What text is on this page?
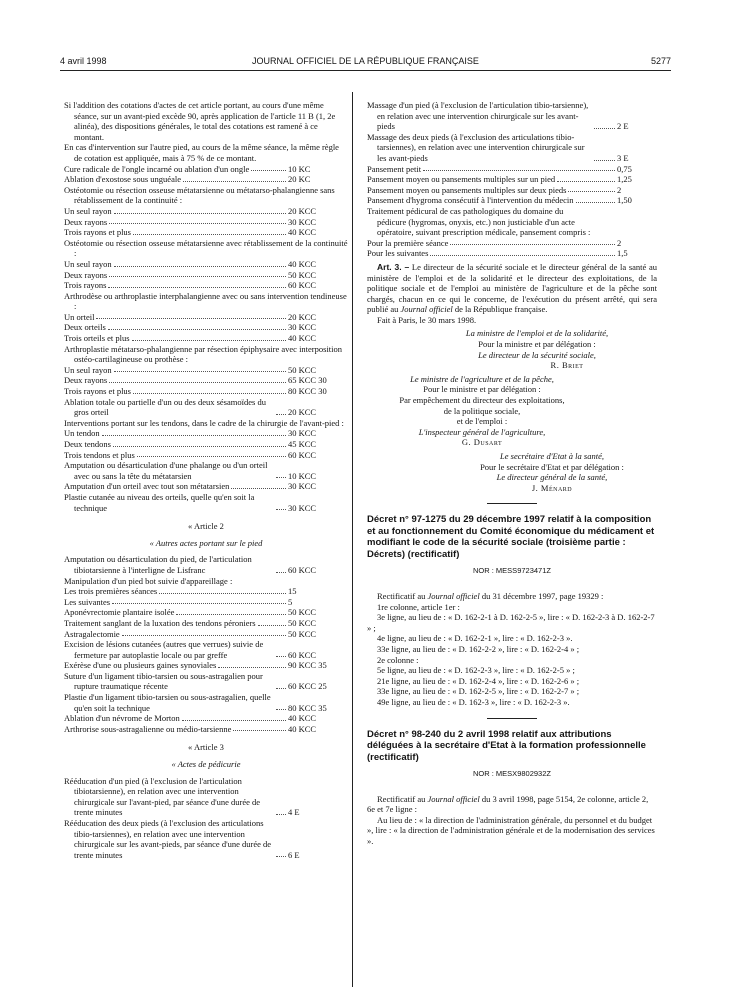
4 avril 1998	JOURNAL OFFICIEL DE LA RÉPUBLIQUE FRANÇAISE	5277
Si l'addition des cotations d'actes de cet article portant, au cours d'une même séance, sur un avant-pied excède 90, après application de l'article 11 B (1, 2e alinéa), des dispositions générales, le total des cotations est ramené à ce montant.
En cas d'intervention sur l'autre pied, au cours de la même séance, la même règle de cotation est appliquée, mais à 75 % de ce montant.
Cure radicale de l'ongle incarné ou ablation d'un ongle	10 KC
Ablation d'exostose sous unguéale	20 KC
Ostéotomie ou résection osseuse métatarsienne ou métatarso-phalangienne sans rétablissement de la continuité :
Un seul rayon	20 KCC
Deux rayons	30 KCC
Trois rayons et plus	40 KCC
Ostéotomie ou résection osseuse métatarsienne avec rétablissement de la continuité :
Un seul rayon	40 KCC
Deux rayons	50 KCC
Trois rayons	60 KCC
Arthrodèse ou arthroplastie interphalangienne avec ou sans intervention tendineuse :
Un orteil	20 KCC
Deux orteils	30 KCC
Trois orteils et plus	40 KCC
Arthroplastie métatarso-phalangienne par résection épiphysaire avec interposition ostéo-cartilagineuse ou prothèse :
Un seul rayon	50 KCC
Deux rayons	65 KCC 30
Trois rayons et plus	80 KCC 30
Ablation totale ou partielle d'un ou des deux sésamoïdes du gros orteil	20 KCC
Interventions portant sur les tendons, dans le cadre de la chirurgie de l'avant-pied :
Un tendon	30 KCC
Deux tendons	45 KCC
Trois tendons et plus	60 KCC
Amputation ou désarticulation d'une phalange ou d'un orteil avec ou sans la tête du métatarsien	10 KCC
Amputation d'un orteil avec tout son métatarsien	30 KCC
Plastie cutanée au niveau des orteils, quelle qu'en soit la technique	30 KCC
« Article 2
« Autres actes portant sur le pied
Amputation ou désarticulation du pied, de l'articulation tibiotarsienne à l'interligne de Lisfranc	60 KCC
Manipulation d'un pied bot suivie d'appareillage :
Les trois premières séances	15
Les suivantes	5
Aponévrectomie plantaire isolée	50 KCC
Traitement sanglant de la luxation des tendons péroniers	50 KCC
Astragalectomie	50 KCC
Excision de lésions cutanées (autres que verrues) suivie de fermeture par autoplastie locale ou par greffe	60 KCC
Exérèse d'une ou plusieurs gaines synoviales	90 KCC 35
Suture d'un ligament tibio-tarsien ou sous-astragalien pour rupture traumatique récente	60 KCC 25
Plastie d'un ligament tibio-tarsien ou sous-astragalien, quelle qu'en soit la technique	80 KCC 35
Ablation d'un névrome de Morton	40 KCC
Arthrorise sous-astragalienne ou médio-tarsienne	40 KCC
« Article 3
« Actes de pédicurie
Rééducation d'un pied (à l'exclusion de l'articulation tibiotarsienne), en relation avec une intervention chirurgicale sur l'avant-pied, par séance d'une durée de trente minutes	4 E
Rééducation des deux pieds (à l'exclusion des articulations tibio-tarsiennes), en relation avec une intervention chirurgicale sur les avant-pieds, par séance d'une durée de trente minutes	6 E
Massage d'un pied (à l'exclusion de l'articulation tibio-tarsienne), en relation avec une intervention chirurgicale sur les avant-pieds	2 E
Massage des deux pieds (à l'exclusion des articulations tibio-tarsiennes), en relation avec une intervention chirurgicale sur les avant-pieds	3 E
Pansement petit	0,75
Pansement moyen ou pansements multiples sur un pied	1,25
Pansement moyen ou pansements multiples sur deux pieds	2
Pansement d'hygroma consécutif à l'intervention du médecin	1,50
Traitement pédicural de cas pathologiques du domaine du pédicure (hygromas, onyxis, etc.) non justiciable d'un acte opératoire, suivant prescription médicale, pansement compris :
Pour la première séance	2
Pour les suivantes	1,5
Art. 3. – Le directeur de la sécurité sociale et le directeur général de la santé au ministère de l'emploi et de la solidarité et le directeur des exploitations, de la politique sociale et de l'emploi au ministère de l'agriculture et de la pêche sont chargés, chacun en ce qui le concerne, de l'exécution du présent arrêté, qui sera publié au Journal officiel de la République française.
Fait à Paris, le 30 mars 1998.
La ministre de l'emploi et de la solidarité,
Pour la ministre et par délégation :
Le directeur de la sécurité sociale,
R. Briet
Le ministre de l'agriculture et de la pêche,
Pour le ministre et par délégation :
Par empêchement du directeur des exploitations,
de la politique sociale,
et de l'emploi :
L'inspecteur général de l'agriculture,
G. Dusart
Le secrétaire d'Etat à la santé,
Pour le secrétaire d'Etat et par délégation :
Le directeur général de la santé,
J. Ménard
Décret n° 97-1275 du 29 décembre 1997 relatif à la composition et au fonctionnement du Comité économique du médicament et modifiant le code de la sécurité sociale (troisième partie : Décrets) (rectificatif)
NOR : MESS9723471Z
Rectificatif au Journal officiel du 31 décembre 1997, page 19329 :
1re colonne, article 1er :
3e ligne, au lieu de : « D. 162-2-1 à D. 162-2-5 », lire : « D. 162-2-3 à D. 162-2-7 » ;
4e ligne, au lieu de : « D. 162-2-1 », lire : « D. 162-2-3 ».
33e ligne, au lieu de : « D. 162-2-2 », lire : « D. 162-2-4 » ;
2e colonne :
5e ligne, au lieu de : « D. 162-2-3 », lire : « D. 162-2-5 » ;
21e ligne, au lieu de : « D. 162-2-4 », lire : « D. 162-2-6 » ;
33e ligne, au lieu de : « D. 162-2-5 », lire : « D. 162-2-7 » ;
49e ligne, au lieu de : « D. 162-3 », lire : « D. 162-2-3 ».
Décret n° 98-240 du 2 avril 1998 relatif aux attributions déléguées à la secrétaire d'Etat à la formation professionnelle (rectificatif)
NOR : MESX9802932Z
Rectificatif au Journal officiel du 3 avril 1998, page 5154, 2e colonne, article 2, 6e et 7e ligne :
Au lieu de : « la direction de l'administration générale, du personnel et du budget », lire : « la direction de l'administration générale et de la modernisation des services ».
